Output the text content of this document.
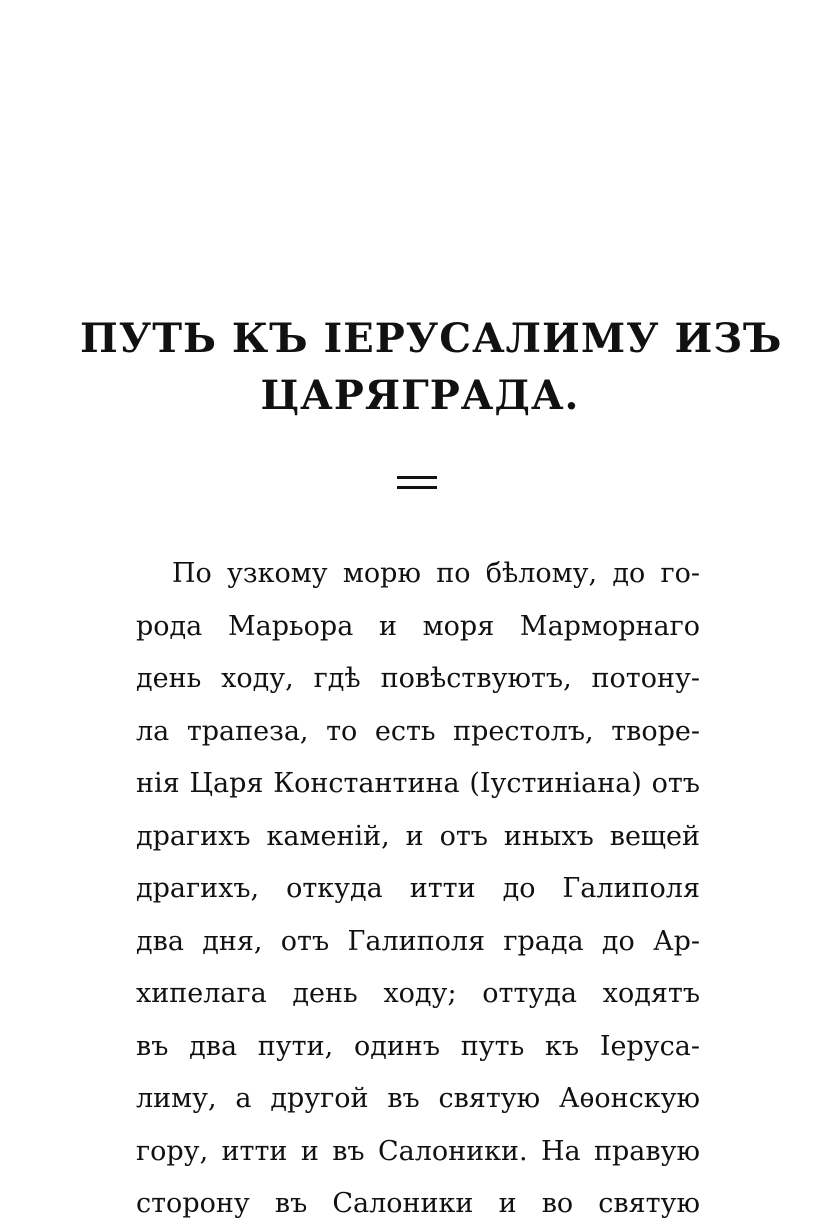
ПУТЬ КЪ ІЕРУСАЛИМУ ИЗЪ
ЦАРЯГРАДА.
По узкому морю по бѣлому, до го-
рода Марьора и моря Марморнаго
день ходу, гдѣ повѣствуютъ, потону-
ла трапеза, то есть престолъ, творе-
нія Царя Константина (Іустиніана) отъ
драгихъ каменій, и отъ иныхъ вещей
драгихъ, откуда итти до Галиполя
два дня, отъ Галиполя града до Ар-
хипелага день ходу; оттуда ходятъ
въ два пути, одинъ путь къ Іеруса-
лиму, а другой въ святую Аѳонскую
гору, итти и въ Салоники. На правую
сторону въ Салоники и во святую
